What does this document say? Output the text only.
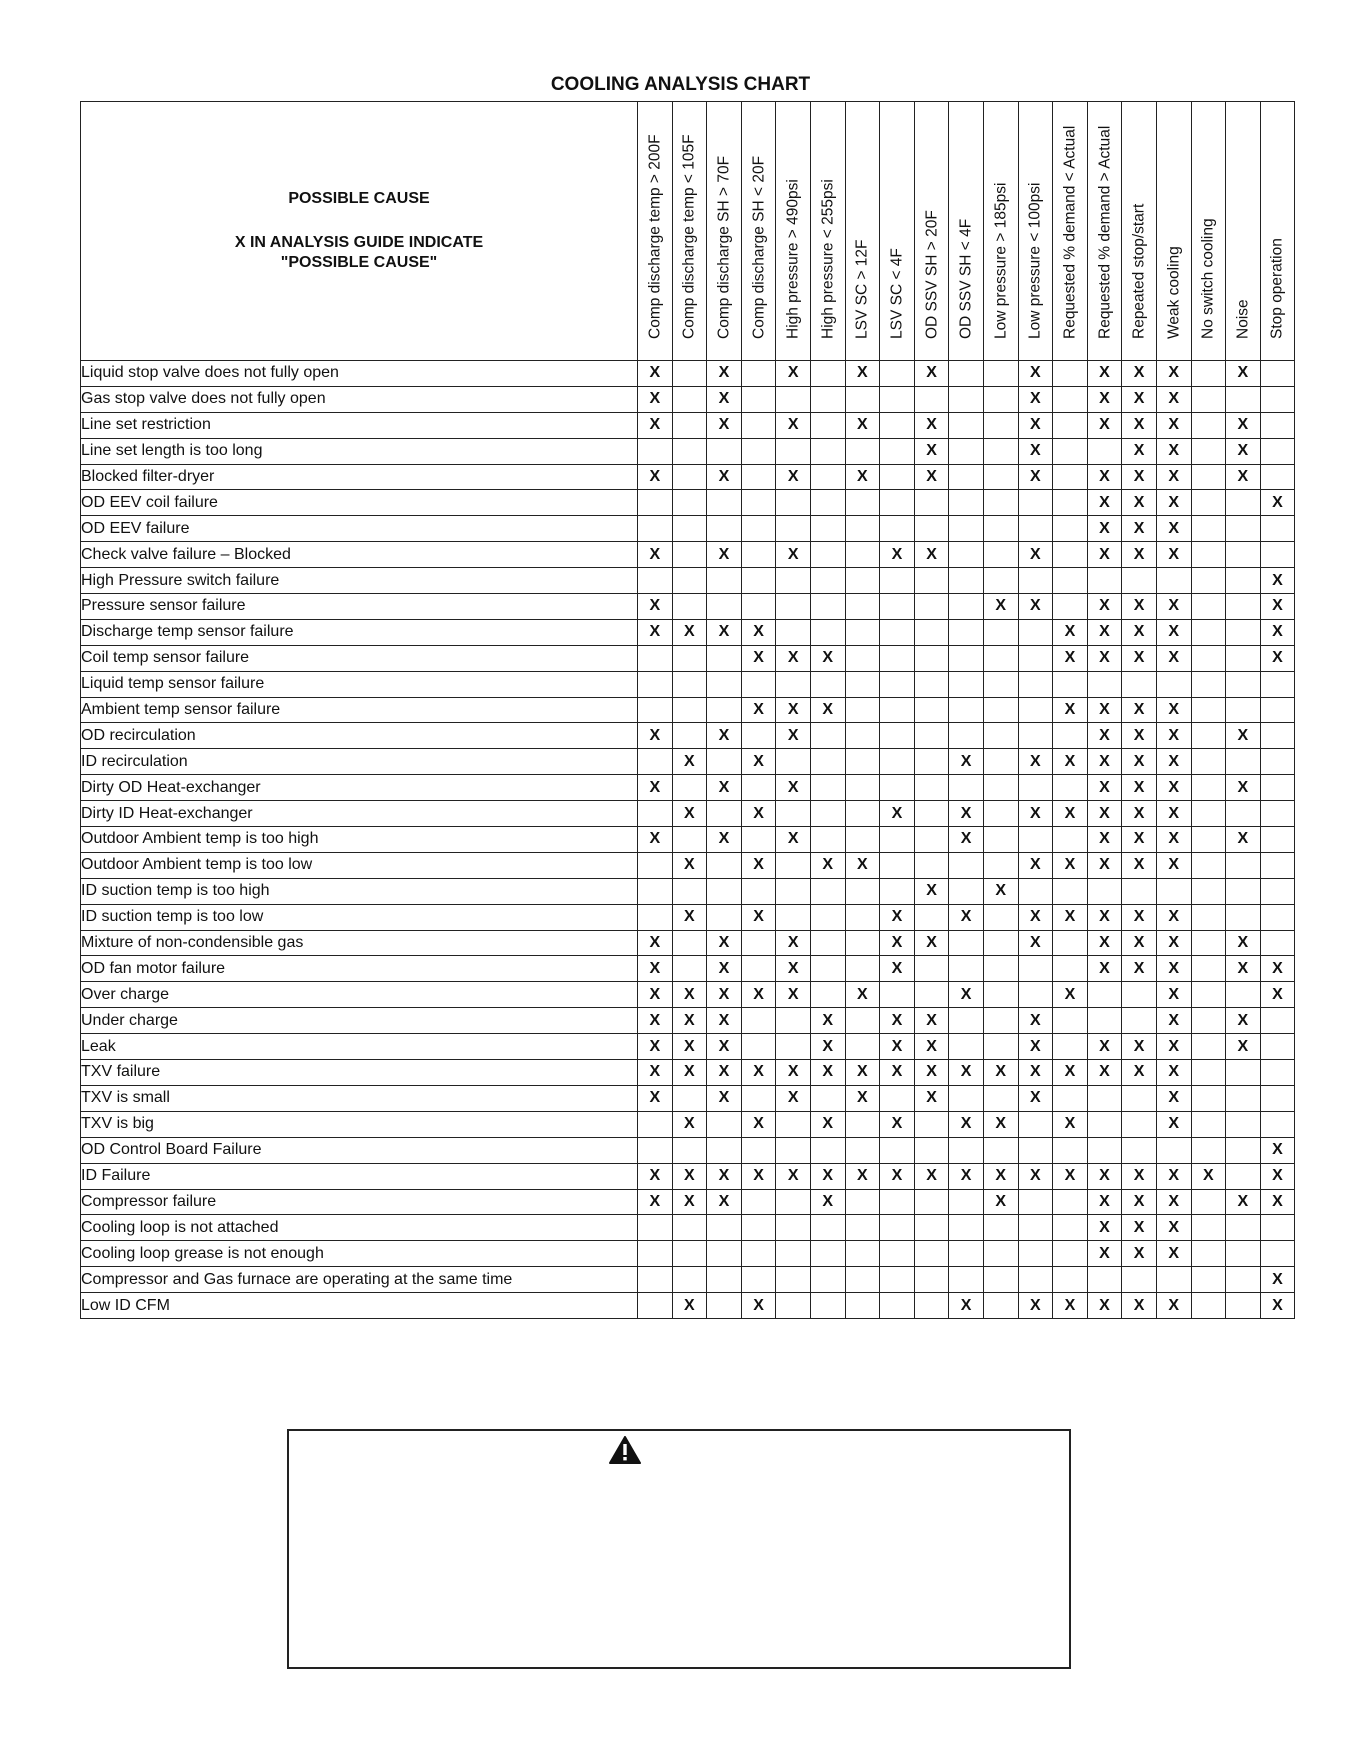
COOLING ANALYSIS CHART
POSSIBLE CAUSE
X IN ANALYSIS GUIDE INDICATE
"POSSIBLE CAUSE"	Comp discharge temp > 200F	Comp discharge temp < 105F	Comp discharge SH > 70F	Comp discharge SH < 20F	High pressure > 490psi	High pressure < 255psi	LSV SC > 12F	LSV SC < 4F	OD SSV SH > 20F	OD SSV SH < 4F	Low pressure > 185psi	Low pressure < 100psi	Requested % demand < Actual	Requested % demand > Actual	Repeated stop/start	Weak cooling	No switch cooling	Noise	Stop operation

Liquid stop valve does not fully open	X		X		X		X		X			X		X	X	X		X	
Gas stop valve does not fully open	X		X									X		X	X	X			
Line set restriction	X		X		X		X		X			X		X	X	X		X	
Line set length is too long									X			X			X	X		X	
Blocked filter-dryer	X		X		X		X		X			X		X	X	X		X	
OD EEV coil failure														X	X	X			X
OD EEV failure														X	X	X			
Check valve failure – Blocked	X		X		X			X	X			X		X	X	X			
High Pressure switch failure																			X
Pressure sensor failure	X										X	X		X	X	X			X
Discharge temp sensor failure	X	X	X	X									X	X	X	X			X
Coil temp sensor failure				X	X	X							X	X	X	X			X
Liquid temp sensor failure																			
Ambient temp sensor failure				X	X	X							X	X	X	X			
OD recirculation	X		X		X									X	X	X		X	
ID recirculation		X		X						X		X	X	X	X	X			
Dirty OD Heat-exchanger	X		X		X									X	X	X		X	
Dirty ID Heat-exchanger		X		X				X		X		X	X	X	X	X			
Outdoor Ambient temp is too high	X		X		X					X				X	X	X		X	
Outdoor Ambient temp is too low		X		X		X	X					X	X	X	X	X			
ID suction temp is too high									X		X								
ID suction temp is too low		X		X				X		X		X	X	X	X	X			
Mixture of non-condensible gas	X		X		X			X	X			X		X	X	X		X	
OD fan motor failure	X		X		X			X						X	X	X		X	X
Over charge	X	X	X	X	X		X			X			X			X			X
Under charge	X	X	X			X		X	X			X				X		X	
Leak	X	X	X			X		X	X			X		X	X	X		X	
TXV failure	X	X	X	X	X	X	X	X	X	X	X	X	X	X	X	X			
TXV is small	X		X		X		X		X			X				X			
TXV is big		X		X		X		X		X	X		X			X			
OD Control Board Failure																			X
ID Failure	X	X	X	X	X	X	X	X	X	X	X	X	X	X	X	X	X		X
Compressor failure	X	X	X			X					X			X	X	X		X	X
Cooling loop is not attached														X	X	X			
Cooling loop grease is not enough														X	X	X			
Compressor and Gas furnace are operating at the same time																			X
Low ID CFM		X		X						X		X	X	X	X	X			X
